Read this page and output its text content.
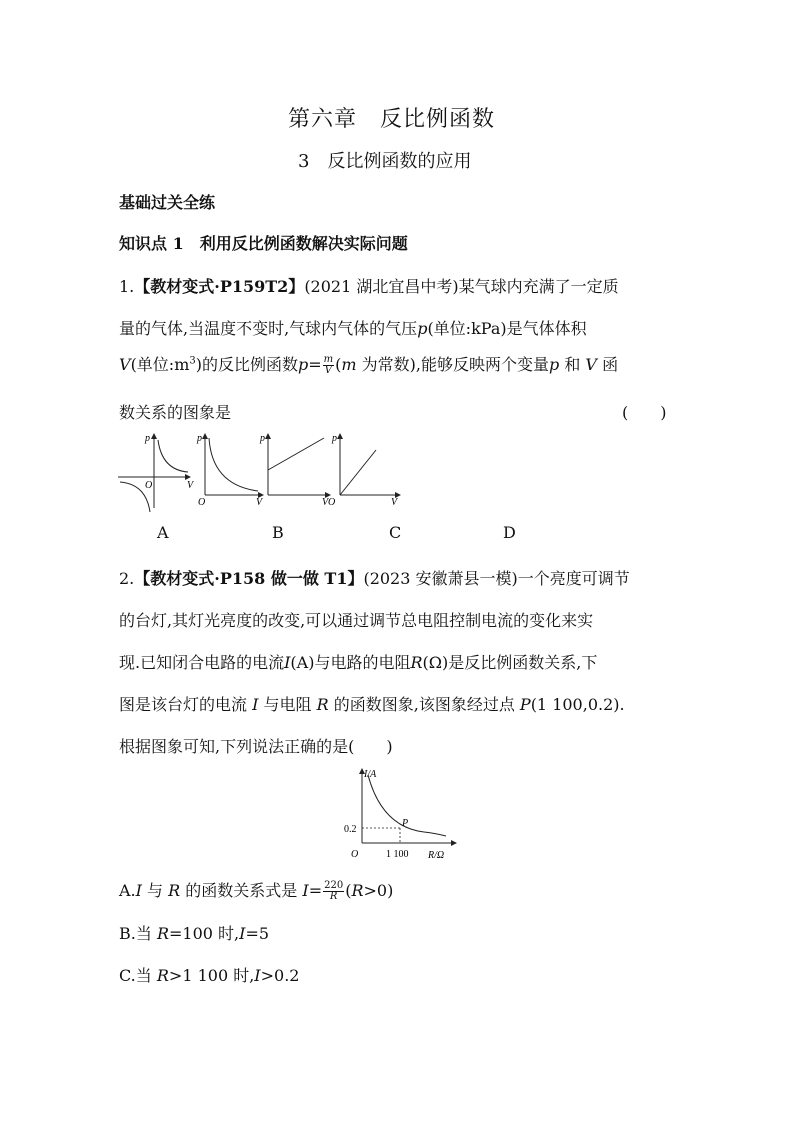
第六章　反比例函数
3　反比例函数的应用
基础过关全练
知识点 1　利用反比例函数解决实际问题
1.【教材变式·P159T2】(2021 湖北宜昌中考)某气球内充满了一定质
量的气体,当温度不变时,气球内气体的气压p(单位:kPa)是气体体积
V(单位$:m^3$)的反比例函数$p= \frac{m}{V} (m$ 为常数),能够反映两个变量p 和 V 函
数关系的图象是	(　　)
p
V
O
p
V
O
p
V
p
V
O
A	B	C	D
2.【教材变式·P158 做一做 T1】(2023 安徽萧县一模)一个亮度可调节
的台灯,其灯光亮度的改变,可以通过调节总电阻控制电流的变化来实
现.已知闭合电路的电流I(A)与电路的电阻R(Ω)是反比例函数关系,下
图是该台灯的电流 I 与电阻 R 的函数图象,该图象经过点 P(1 100,0.2).
根据图象可知,下列说法正确的是(　　)
I/A
R/Ω
0.2
1 100
P
O
A.I 与 R 的函数关系式是 $I= \frac{220}{R} (R>0)$
B.当 R=100 时,I=5
C.当 R>1 100 时,I>0.2
